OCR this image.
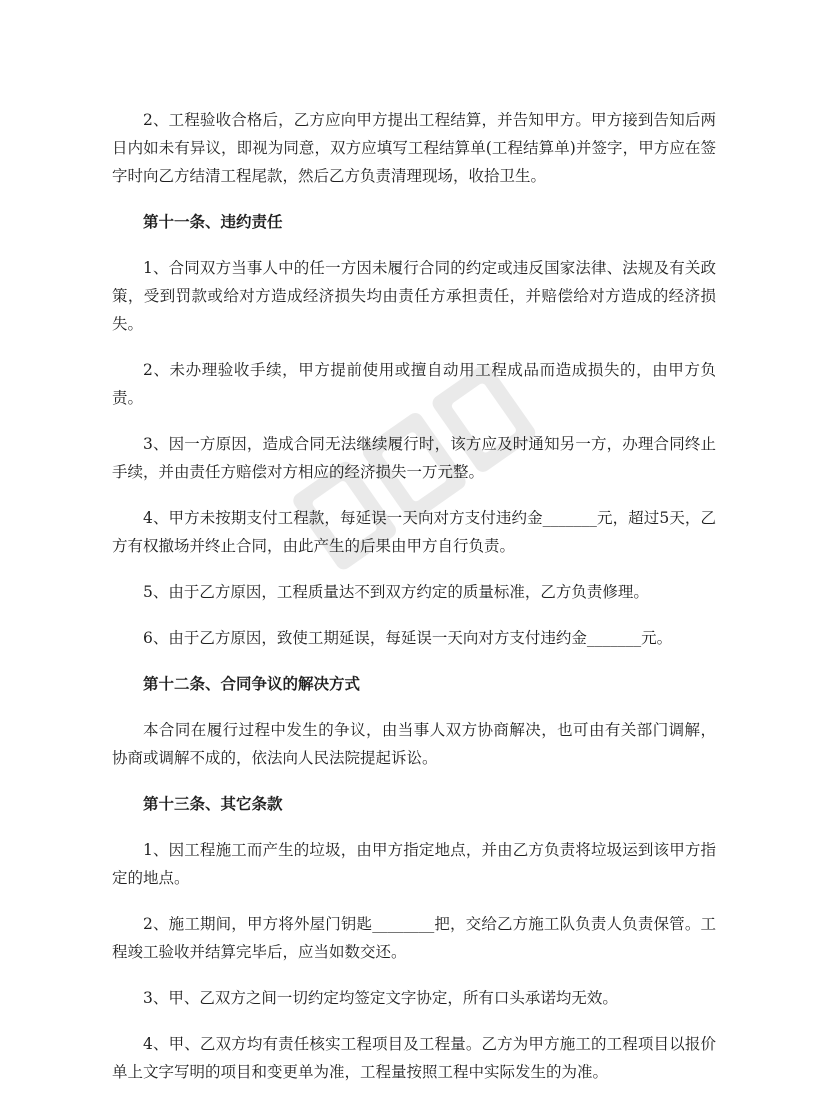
2、工程验收合格后，乙方应向甲方提出工程结算，并告知甲方。甲方接到告知后两日内如未有异议，即视为同意，双方应填写工程结算单(工程结算单)并签字，甲方应在签字时向乙方结清工程尾款，然后乙方负责清理现场，收拾卫生。

第十一条、违约责任

1、合同双方当事人中的任一方因未履行合同的约定或违反国家法律、法规及有关政策，受到罚款或给对方造成经济损失均由责任方承担责任，并赔偿给对方造成的经济损失。

2、未办理验收手续，甲方提前使用或擅自动用工程成品而造成损失的，由甲方负责。

3、因一方原因，造成合同无法继续履行时，该方应及时通知另一方，办理合同终止手续，并由责任方赔偿对方相应的经济损失一万元整。

4、甲方未按期支付工程款，每延误一天向对方支付违约金_______元，超过5天，乙方有权撤场并终止合同，由此产生的后果由甲方自行负责。

5、由于乙方原因，工程质量达不到双方约定的质量标准，乙方负责修理。

6、由于乙方原因，致使工期延误，每延误一天向对方支付违约金_______元。

第十二条、合同争议的解决方式

本合同在履行过程中发生的争议，由当事人双方协商解决，也可由有关部门调解，协商或调解不成的，依法向人民法院提起诉讼。

第十三条、其它条款

1、因工程施工而产生的垃圾，由甲方指定地点，并由乙方负责将垃圾运到该甲方指定的地点。

2、施工期间，甲方将外屋门钥匙________把，交给乙方施工队负责人负责保管。工程竣工验收并结算完毕后，应当如数交还。

3、甲、乙双方之间一切约定均签定文字协定，所有口头承诺均无效。

4、甲、乙双方均有责任核实工程项目及工程量。乙方为甲方施工的工程项目以报价单上文字写明的项目和变更单为准，工程量按照工程中实际发生的为准。
